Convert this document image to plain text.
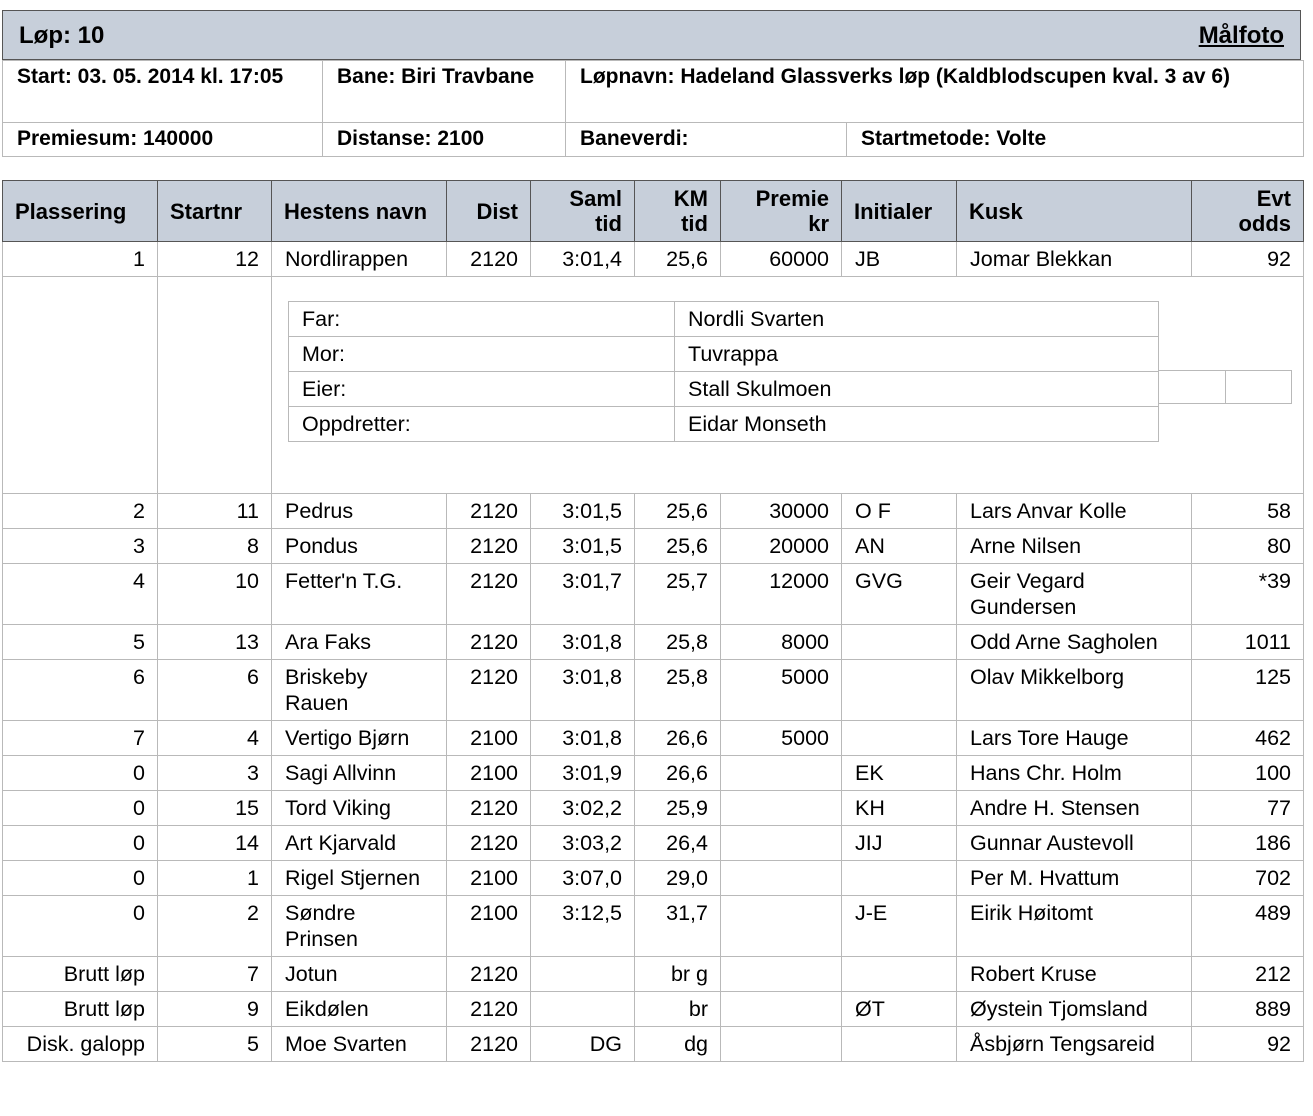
Løp: 10	Målfoto
Start: 03. 05. 2014 kl. 17:05	Bane: Biri Travbane	Løpnavn: Hadeland Glassverks løp (Kaldblodscupen kval. 3 av 6)	
Premiesum: 140000	Distanse: 2100	Baneverdi:	Startmetode: Volte
Plassering	Startnr	Hestens navn	Dist	Saml tid	KM tid	Premie kr	Initialer	Kusk	Evt odds
1	12	Nordlirappen	2120	3:01,4	25,6	60000	JB	Jomar Blekkan	92

Far:	Nordli Svarten
Mor:	Tuvrappa
Eier:	Stall Skulmoen
Oppdretter:	Eidar Monseth

2	11	Pedrus	2120	3:01,5	25,6	30000	O F	Lars Anvar Kolle	58
3	8	Pondus	2120	3:01,5	25,6	20000	AN	Arne Nilsen	80
4	10	Fetter'n T.G.	2120	3:01,7	25,7	12000	GVG	Geir Vegard Gundersen	*39
5	13	Ara Faks	2120	3:01,8	25,8	8000		Odd Arne Sagholen	1011
6	6	Briskeby Rauen	2120	3:01,8	25,8	5000		Olav Mikkelborg	125
7	4	Vertigo Bjørn	2100	3:01,8	26,6	5000		Lars Tore Hauge	462
0	3	Sagi Allvinn	2100	3:01,9	26,6		EK	Hans Chr. Holm	100
0	15	Tord Viking	2120	3:02,2	25,9		KH	Andre H. Stensen	77
0	14	Art Kjarvald	2120	3:03,2	26,4		JIJ	Gunnar Austevoll	186
0	1	Rigel Stjernen	2100	3:07,0	29,0			Per M. Hvattum	702
0	2	Søndre Prinsen	2100	3:12,5	31,7		J-E	Eirik Høitomt	489
Brutt løp	7	Jotun	2120		br g			Robert Kruse	212
Brutt løp	9	Eikdølen	2120		br		ØT	Øystein Tjomsland	889
Disk. galopp	5	Moe Svarten	2120	DG	dg			Åsbjørn Tengsareid	92
